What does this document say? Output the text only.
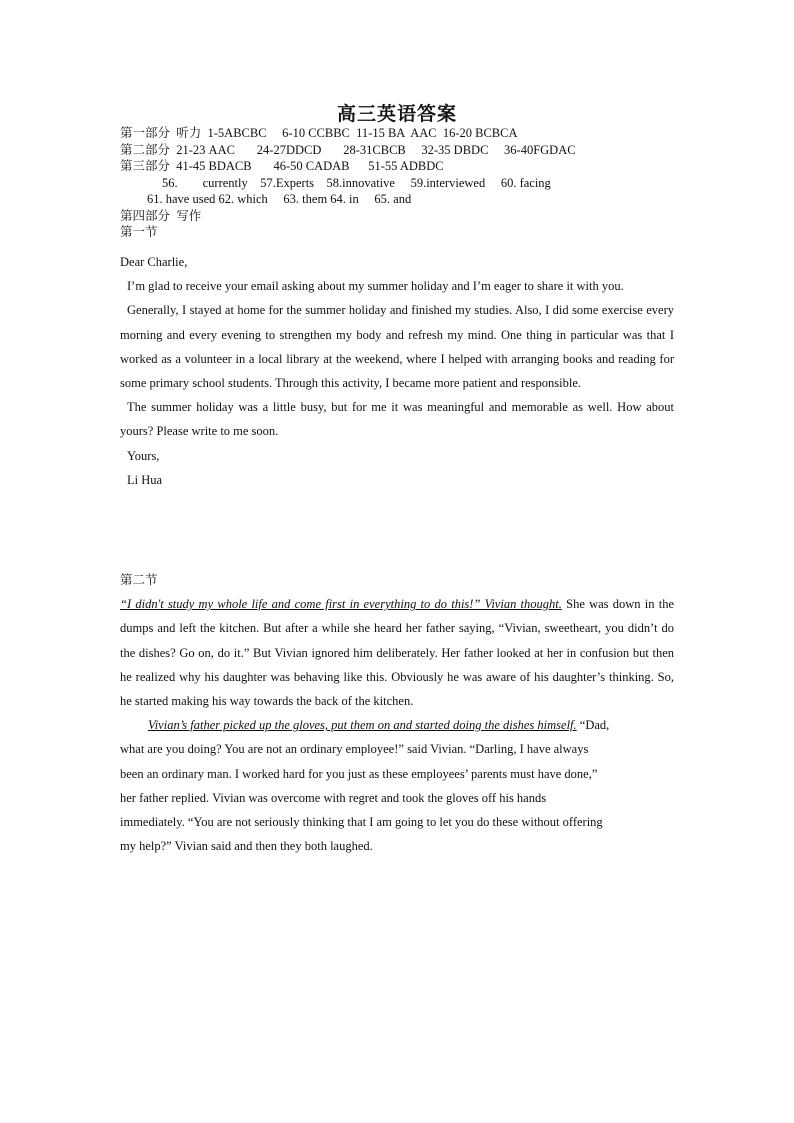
高三英语答案
第一部分  听力  1-5ABCBC     6-10 CCBBC  11-15 BA  AAC  16-20 BCBCA
第二部分  21-23 AAC       24-27DDCD       28-31CBCB     32-35 DBDC     36-40FGDAC
第三部分  41-45 BDACB       46-50 CADAB      51-55 ADBDC
56.        currently    57.Experts    58.innovative     59.interviewed     60. facing
61. have used 62. which     63. them 64. in     65. and
第四部分  写作
第一节

Dear Charlie,

I’m glad to receive your email asking about my summer holiday and I’m eager to share it with you.

Generally, I stayed at home for the summer holiday and finished my studies. Also, I did some exercise every morning and every evening to strengthen my body and refresh my mind. One thing in particular was that I worked as a volunteer in a local library at the weekend, where I helped with arranging books and reading for some primary school students. Through this activity, I became more patient and responsible.

The summer holiday was a little busy, but for me it was meaningful and memorable as well. How about yours? Please write to me soon.

Yours,

Li Hua

第二节

“I didn't study my whole life and come first in everything to do this!” Vivian thought. She was down in the dumps and left the kitchen. But after a while she heard her father saying, “Vivian, sweetheart, you didn’t do the dishes? Go on, do it.” But Vivian ignored him deliberately. Her father looked at her in confusion but then he realized why his daughter was behaving like this. Obviously he was aware of his daughter’s thinking. So, he started making his way towards the back of the kitchen.

Vivian’s father picked up the gloves, put them on and started doing the dishes himself. “Dad,
what are you doing? You are not an ordinary employee!” said Vivian. “Darling, I have always
been an ordinary man. I worked hard for you just as these employees’ parents must have done,”
her father replied. Vivian was overcome with regret and took the gloves off his hands
immediately. “You are not seriously thinking that I am going to let you do these without offering
my help?” Vivian said and then they both laughed.
